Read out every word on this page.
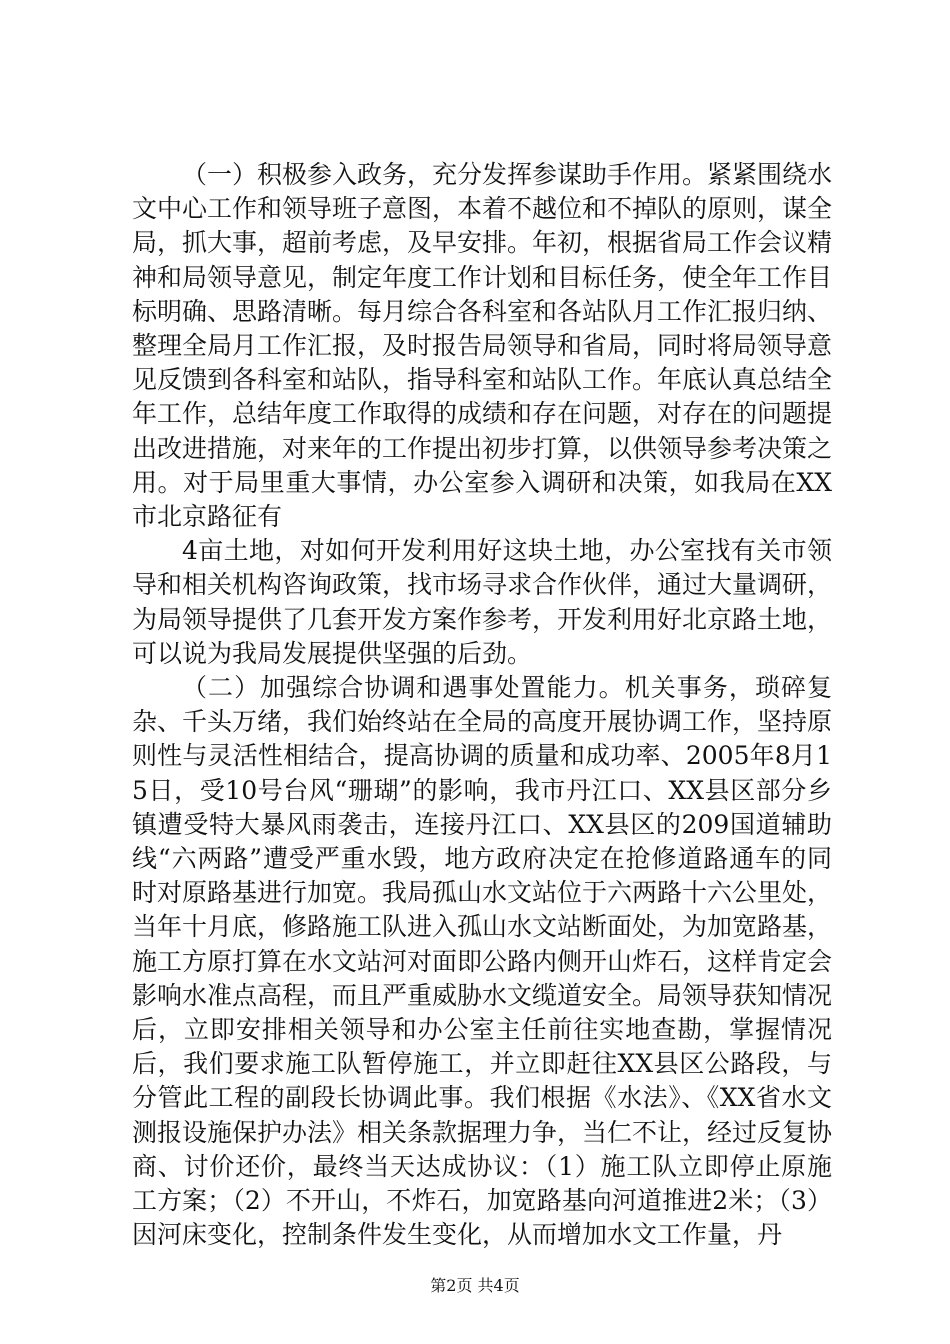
（一）积极参入政务，充分发挥参谋助手作用。紧紧围绕水文中心工作和领导班子意图，本着不越位和不掉队的原则，谋全局，抓大事，超前考虑，及早安排。年初，根据省局工作会议精神和局领导意见，制定年度工作计划和目标任务，使全年工作目标明确、思路清晰。每月综合各科室和各站队月工作汇报归纳、整理全局月工作汇报，及时报告局领导和省局，同时将局领导意见反馈到各科室和站队，指导科室和站队工作。年底认真总结全年工作，总结年度工作取得的成绩和存在问题，对存在的问题提出改进措施，对来年的工作提出初步打算，以供领导参考决策之用。对于局里重大事情，办公室参入调研和决策，如我局在XX市北京路征有

4亩土地，对如何开发利用好这块土地，办公室找有关市领导和相关机构咨询政策，找市场寻求合作伙伴，通过大量调研，为局领导提供了几套开发方案作参考，开发利用好北京路土地，可以说为我局发展提供坚强的后劲。

（二）加强综合协调和遇事处置能力。机关事务，琐碎复杂、千头万绪，我们始终站在全局的高度开展协调工作，坚持原则性与灵活性相结合，提高协调的质量和成功率、2005年8月15日，受10号台风“珊瑚”的影响，我市丹江口、XX县区部分乡镇遭受特大暴风雨袭击，连接丹江口、XX县区的209国道辅助线“六两路”遭受严重水毁，地方政府决定在抢修道路通车的同时对原路基进行加宽。我局孤山水文站位于六两路十六公里处，当年十月底，修路施工队进入孤山水文站断面处，为加宽路基，施工方原打算在水文站河对面即公路内侧开山炸石，这样肯定会影响水准点高程，而且严重威胁水文缆道安全。局领导获知情况后，立即安排相关领导和办公室主任前往实地查勘，掌握情况后，我们要求施工队暂停施工，并立即赶往XX县区公路段，与分管此工程的副段长协调此事。我们根据《水法》、《XX省水文测报设施保护办法》相关条款据理力争，当仁不让，经过反复协商、讨价还价，最终当天达成协议：（1）施工队立即停止原施工方案；（2）不开山，不炸石，加宽路基向河道推进2米；（3）因河床变化，控制条件发生变化，从而增加水文工作量，丹

第2页 共4页
